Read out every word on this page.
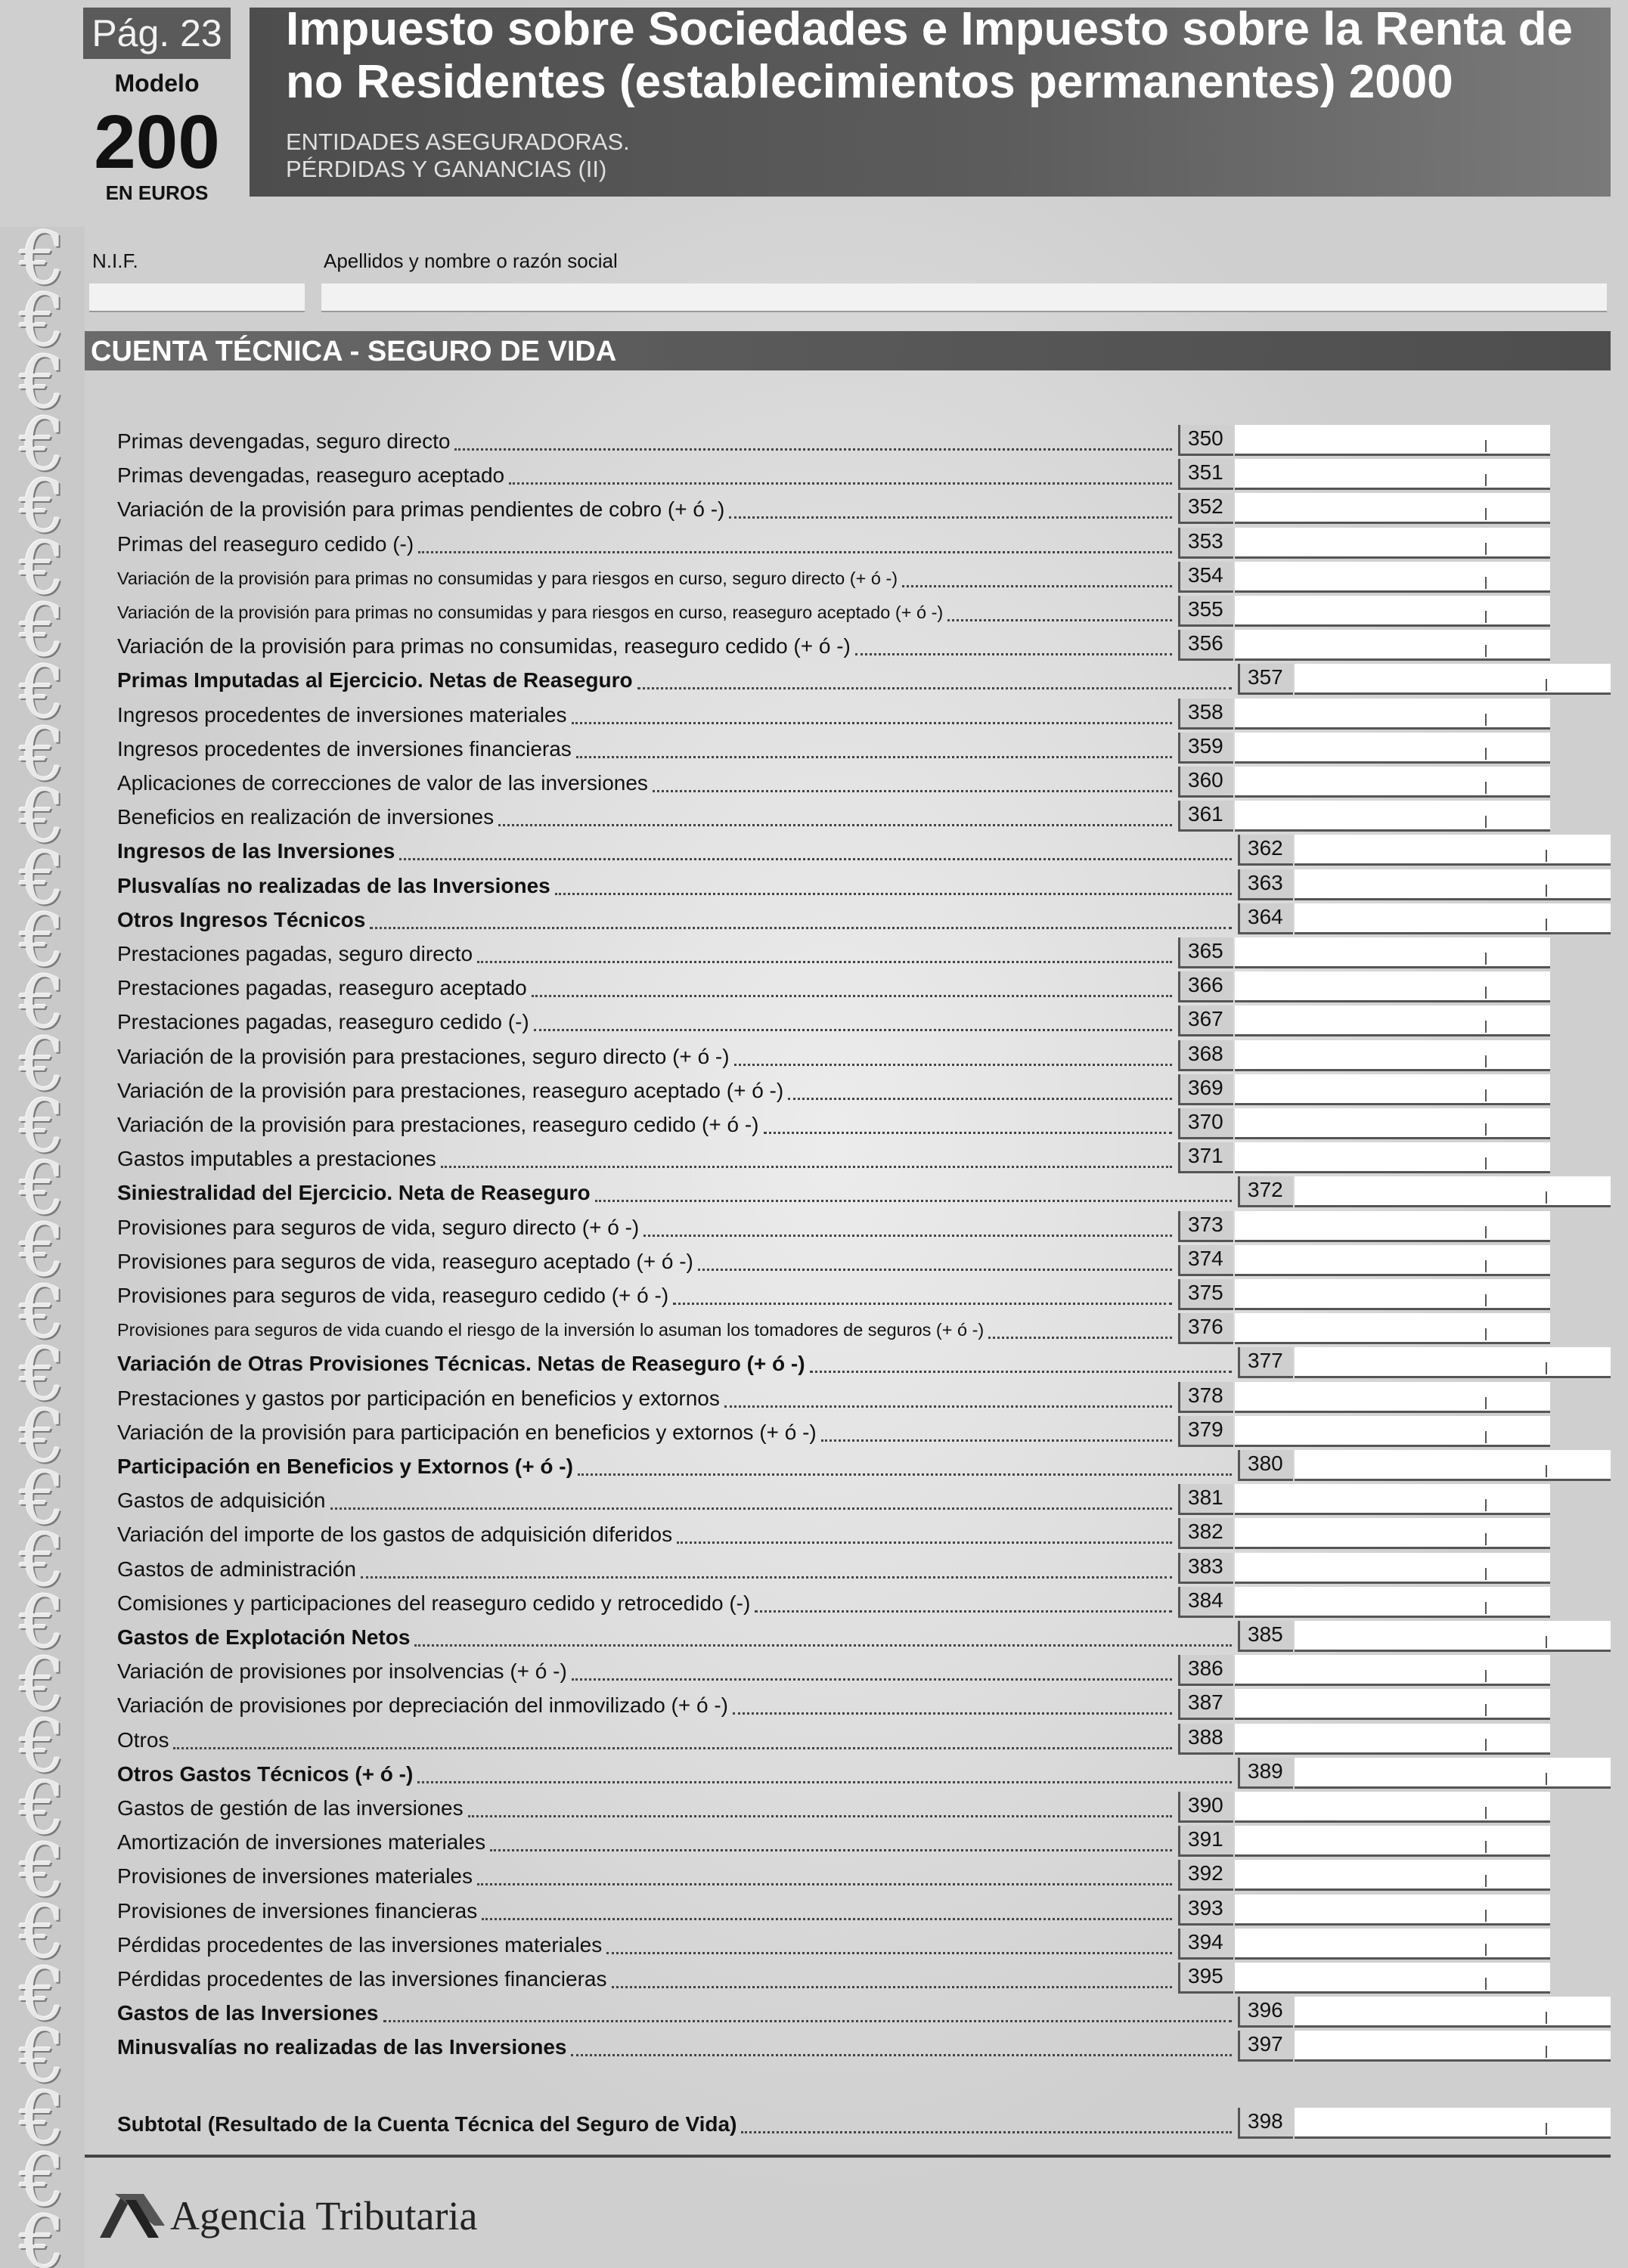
€
€
€
€
€
€
€
€
€
€
€
€
€
€
€
€
€
€
€
€
€
€
€
€
€
€
€
€
€
€
€
€
€
Pág. 23
Modelo
200
EN EUROS
Impuesto sobre Sociedades e Impuesto sobre la Renta de no Residentes (establecimientos permanentes) 2000
ENTIDADES ASEGURADORAS.
PÉRDIDAS Y GANANCIAS (II)
N.I.F.	Apellidos y nombre o razón social
CUENTA TÉCNICA - SEGURO DE VIDA
Primas devengadas, seguro directo	350
Primas devengadas, reaseguro aceptado	351
Variación de la provisión para primas pendientes de cobro (+ ó -)	352
Primas del reaseguro cedido (-)	353
Variación de la provisión para primas no consumidas y para riesgos en curso, seguro directo (+ ó -)	354
Variación de la provisión para primas no consumidas y para riesgos en curso, reaseguro aceptado (+ ó -)	355
Variación de la provisión para primas no consumidas, reaseguro cedido (+ ó -)	356
Primas Imputadas al Ejercicio. Netas de Reaseguro	357
Ingresos procedentes de inversiones materiales	358
Ingresos procedentes de inversiones financieras	359
Aplicaciones de correcciones de valor de las inversiones	360
Beneficios en realización de inversiones	361
Ingresos de las Inversiones	362
Plusvalías no realizadas de las Inversiones	363
Otros Ingresos Técnicos	364
Prestaciones pagadas, seguro directo	365
Prestaciones pagadas, reaseguro aceptado	366
Prestaciones pagadas, reaseguro cedido (-)	367
Variación de la provisión para prestaciones, seguro directo (+ ó -)	368
Variación de la provisión para prestaciones, reaseguro aceptado (+ ó -)	369
Variación de la provisión para prestaciones, reaseguro cedido (+ ó -)	370
Gastos imputables a prestaciones	371
Siniestralidad del Ejercicio. Neta de Reaseguro	372
Provisiones para seguros de vida, seguro directo (+ ó -)	373
Provisiones para seguros de vida, reaseguro aceptado (+ ó -)	374
Provisiones para seguros de vida, reaseguro cedido (+ ó -)	375
Provisiones para seguros de vida cuando el riesgo de la inversión lo asuman los tomadores de seguros (+ ó -)	376
Variación de Otras Provisiones Técnicas. Netas de Reaseguro (+ ó -)	377
Prestaciones y gastos por participación en beneficios y extornos	378
Variación de la provisión para participación en beneficios y extornos (+ ó -)	379
Participación en Beneficios y Extornos (+ ó -)	380
Gastos de adquisición	381
Variación del importe de los gastos de adquisición diferidos	382
Gastos de administración	383
Comisiones y participaciones del reaseguro cedido y retrocedido (-)	384
Gastos de Explotación Netos	385
Variación de provisiones por insolvencias (+ ó -)	386
Variación de provisiones por depreciación del inmovilizado (+ ó -)	387
Otros	388
Otros Gastos Técnicos (+ ó -)	389
Gastos de gestión de las inversiones	390
Amortización de inversiones materiales	391
Provisiones de inversiones materiales	392
Provisiones de inversiones financieras	393
Pérdidas procedentes de las inversiones materiales	394
Pérdidas procedentes de las inversiones financieras	395
Gastos de las Inversiones	396
Minusvalías no realizadas de las Inversiones	397
Subtotal (Resultado de la Cuenta Técnica del Seguro de Vida)	398
Agencia Tributaria
